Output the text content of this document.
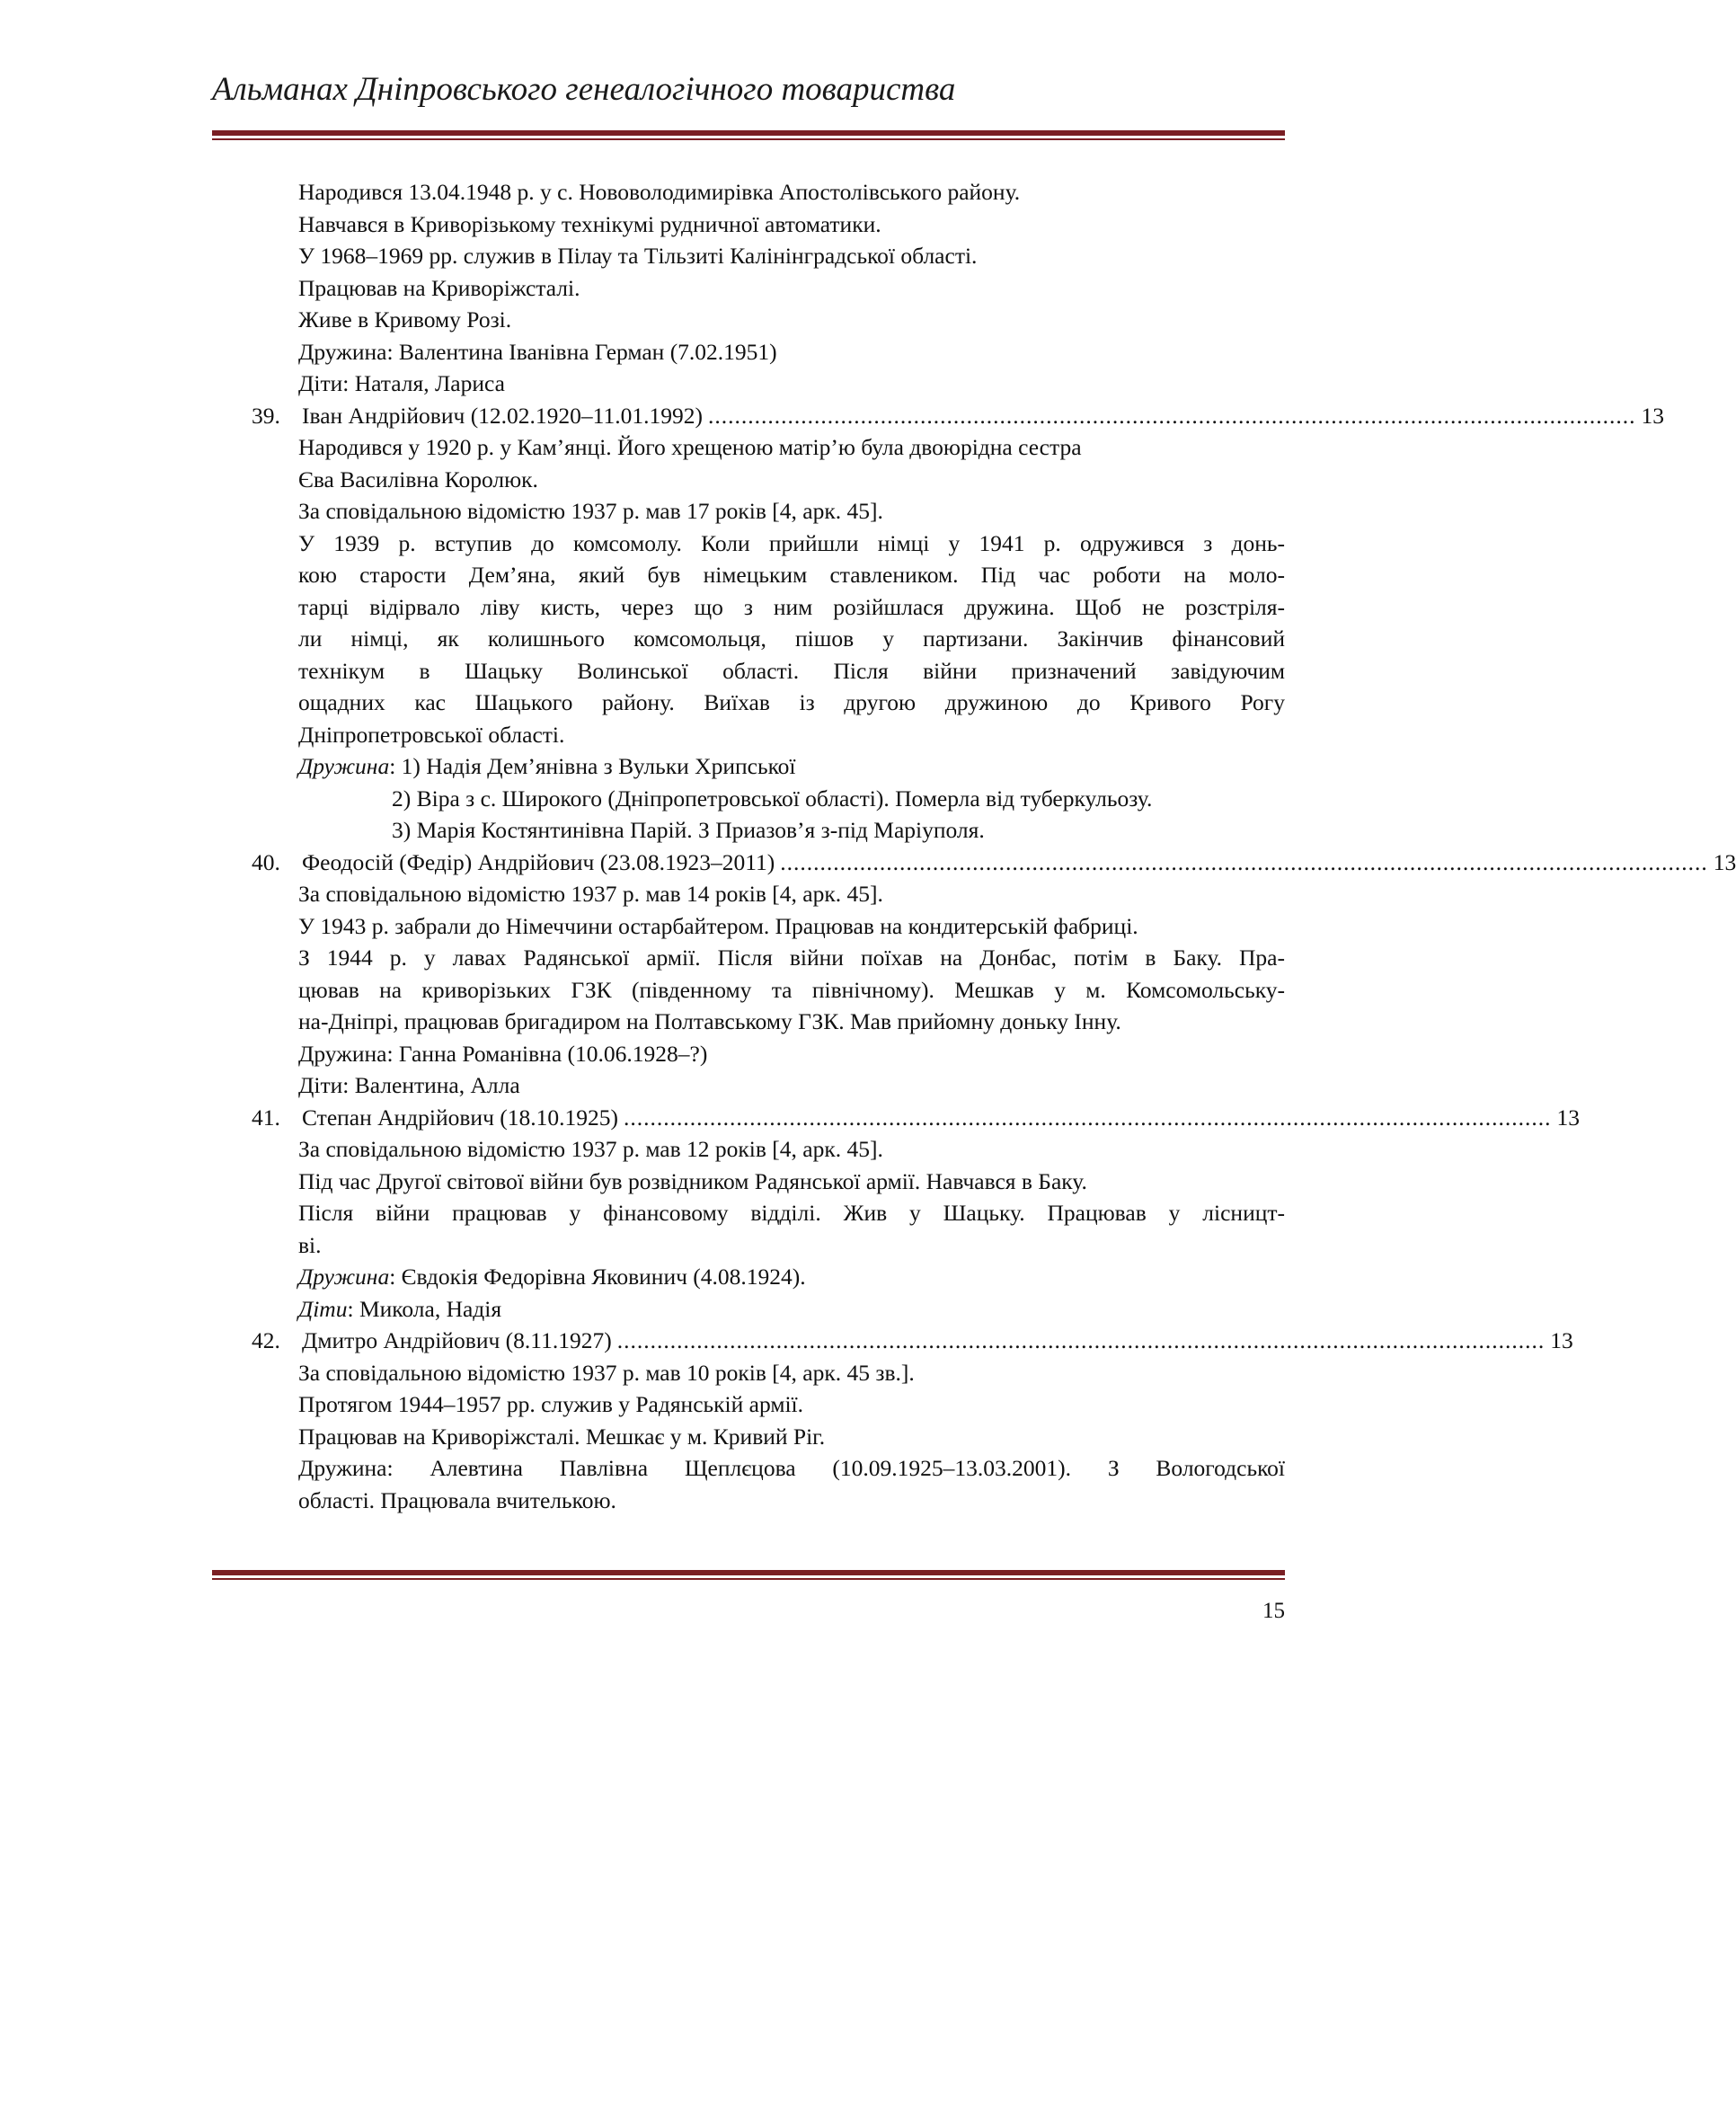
Альманах Дніпровського генеалогічного товариства
Народився 13.04.1948 р. у с. Нововолодимирівка Апостолівського району.
Навчався в Криворізькому технікумі рудничної автоматики.
У 1968–1969 рр. служив в Пілау та Тільзиті Калінінградської області.
Працював на Криворіжсталі.
Живе в Кривому Розі.
Дружина: Валентина Іванівна Герман (7.02.1951)
Діти: Наталя, Лариса
39. Іван Андрійович (12.02.1920–11.01.1992) ............................................................................................................................................ 13
Народився у 1920 р. у Кам’янці. Його хрещеною матір’ю була двоюрідна сестра
Єва Василівна Королюк.
За сповідальною відомістю 1937 р. мав 17 років [4, арк. 45].
У 1939 р. вступив до комсомолу. Коли прийшли німці у 1941 р. одружився з донь-
кою старости Дем’яна, який був німецьким ставлеником. Під час роботи на моло-
тарці відірвало ліву кисть, через що з ним розійшлася дружина. Щоб не розстріля-
ли німці, як колишнього комсомольця, пішов у партизани. Закінчив фінансовий
технікум в Шацьку Волинської області. Після війни призначений завідуючим
ощадних кас Шацького району. Виїхав із другою дружиною до Кривого Рогу
Дніпропетровської області.
Дружина: 1) Надія Дем’янівна з Вульки Хрипської
2) Віра з с. Широкого (Дніпропетровської області). Померла від туберкульозу.
3) Марія Костянтинівна Парій. З Приазов’я з-під Маріуполя.
40. Феодосій (Федір) Андрійович (23.08.1923–2011) ............................................................................................................................................ 13
За сповідальною відомістю 1937 р. мав 14 років [4, арк. 45].
У 1943 р. забрали до Німеччини остарбайтером. Працював на кондитерській фабриці.
З 1944 р. у лавах Радянської армії. Після війни поїхав на Донбас, потім в Баку. Пра-
цював на криворізьких ГЗК (південному та північному). Мешкав у м. Комсомольську-
на-Дніпрі, працював бригадиром на Полтавському ГЗК. Мав прийомну доньку Інну.
Дружина: Ганна Романівна (10.06.1928–?)
Діти: Валентина, Алла
41. Степан Андрійович (18.10.1925) ............................................................................................................................................ 13
За сповідальною відомістю 1937 р. мав 12 років [4, арк. 45].
Під час Другої світової війни був розвідником Радянської армії. Навчався в Баку.
Після війни працював у фінансовому відділі. Жив у Шацьку. Працював у лісницт-
ві.
Дружина: Євдокія Федорівна Яковинич (4.08.1924).
Діти: Микола, Надія
42. Дмитро Андрійович (8.11.1927) ............................................................................................................................................ 13
За сповідальною відомістю 1937 р. мав 10 років [4, арк. 45 зв.].
Протягом 1944–1957 рр. служив у Радянській армії.
Працював на Криворіжсталі. Мешкає у м. Кривий Ріг.
Дружина: Алевтина Павлівна Щеплєцова (10.09.1925–13.03.2001). З Вологодської
області. Працювала вчителькою.
15
